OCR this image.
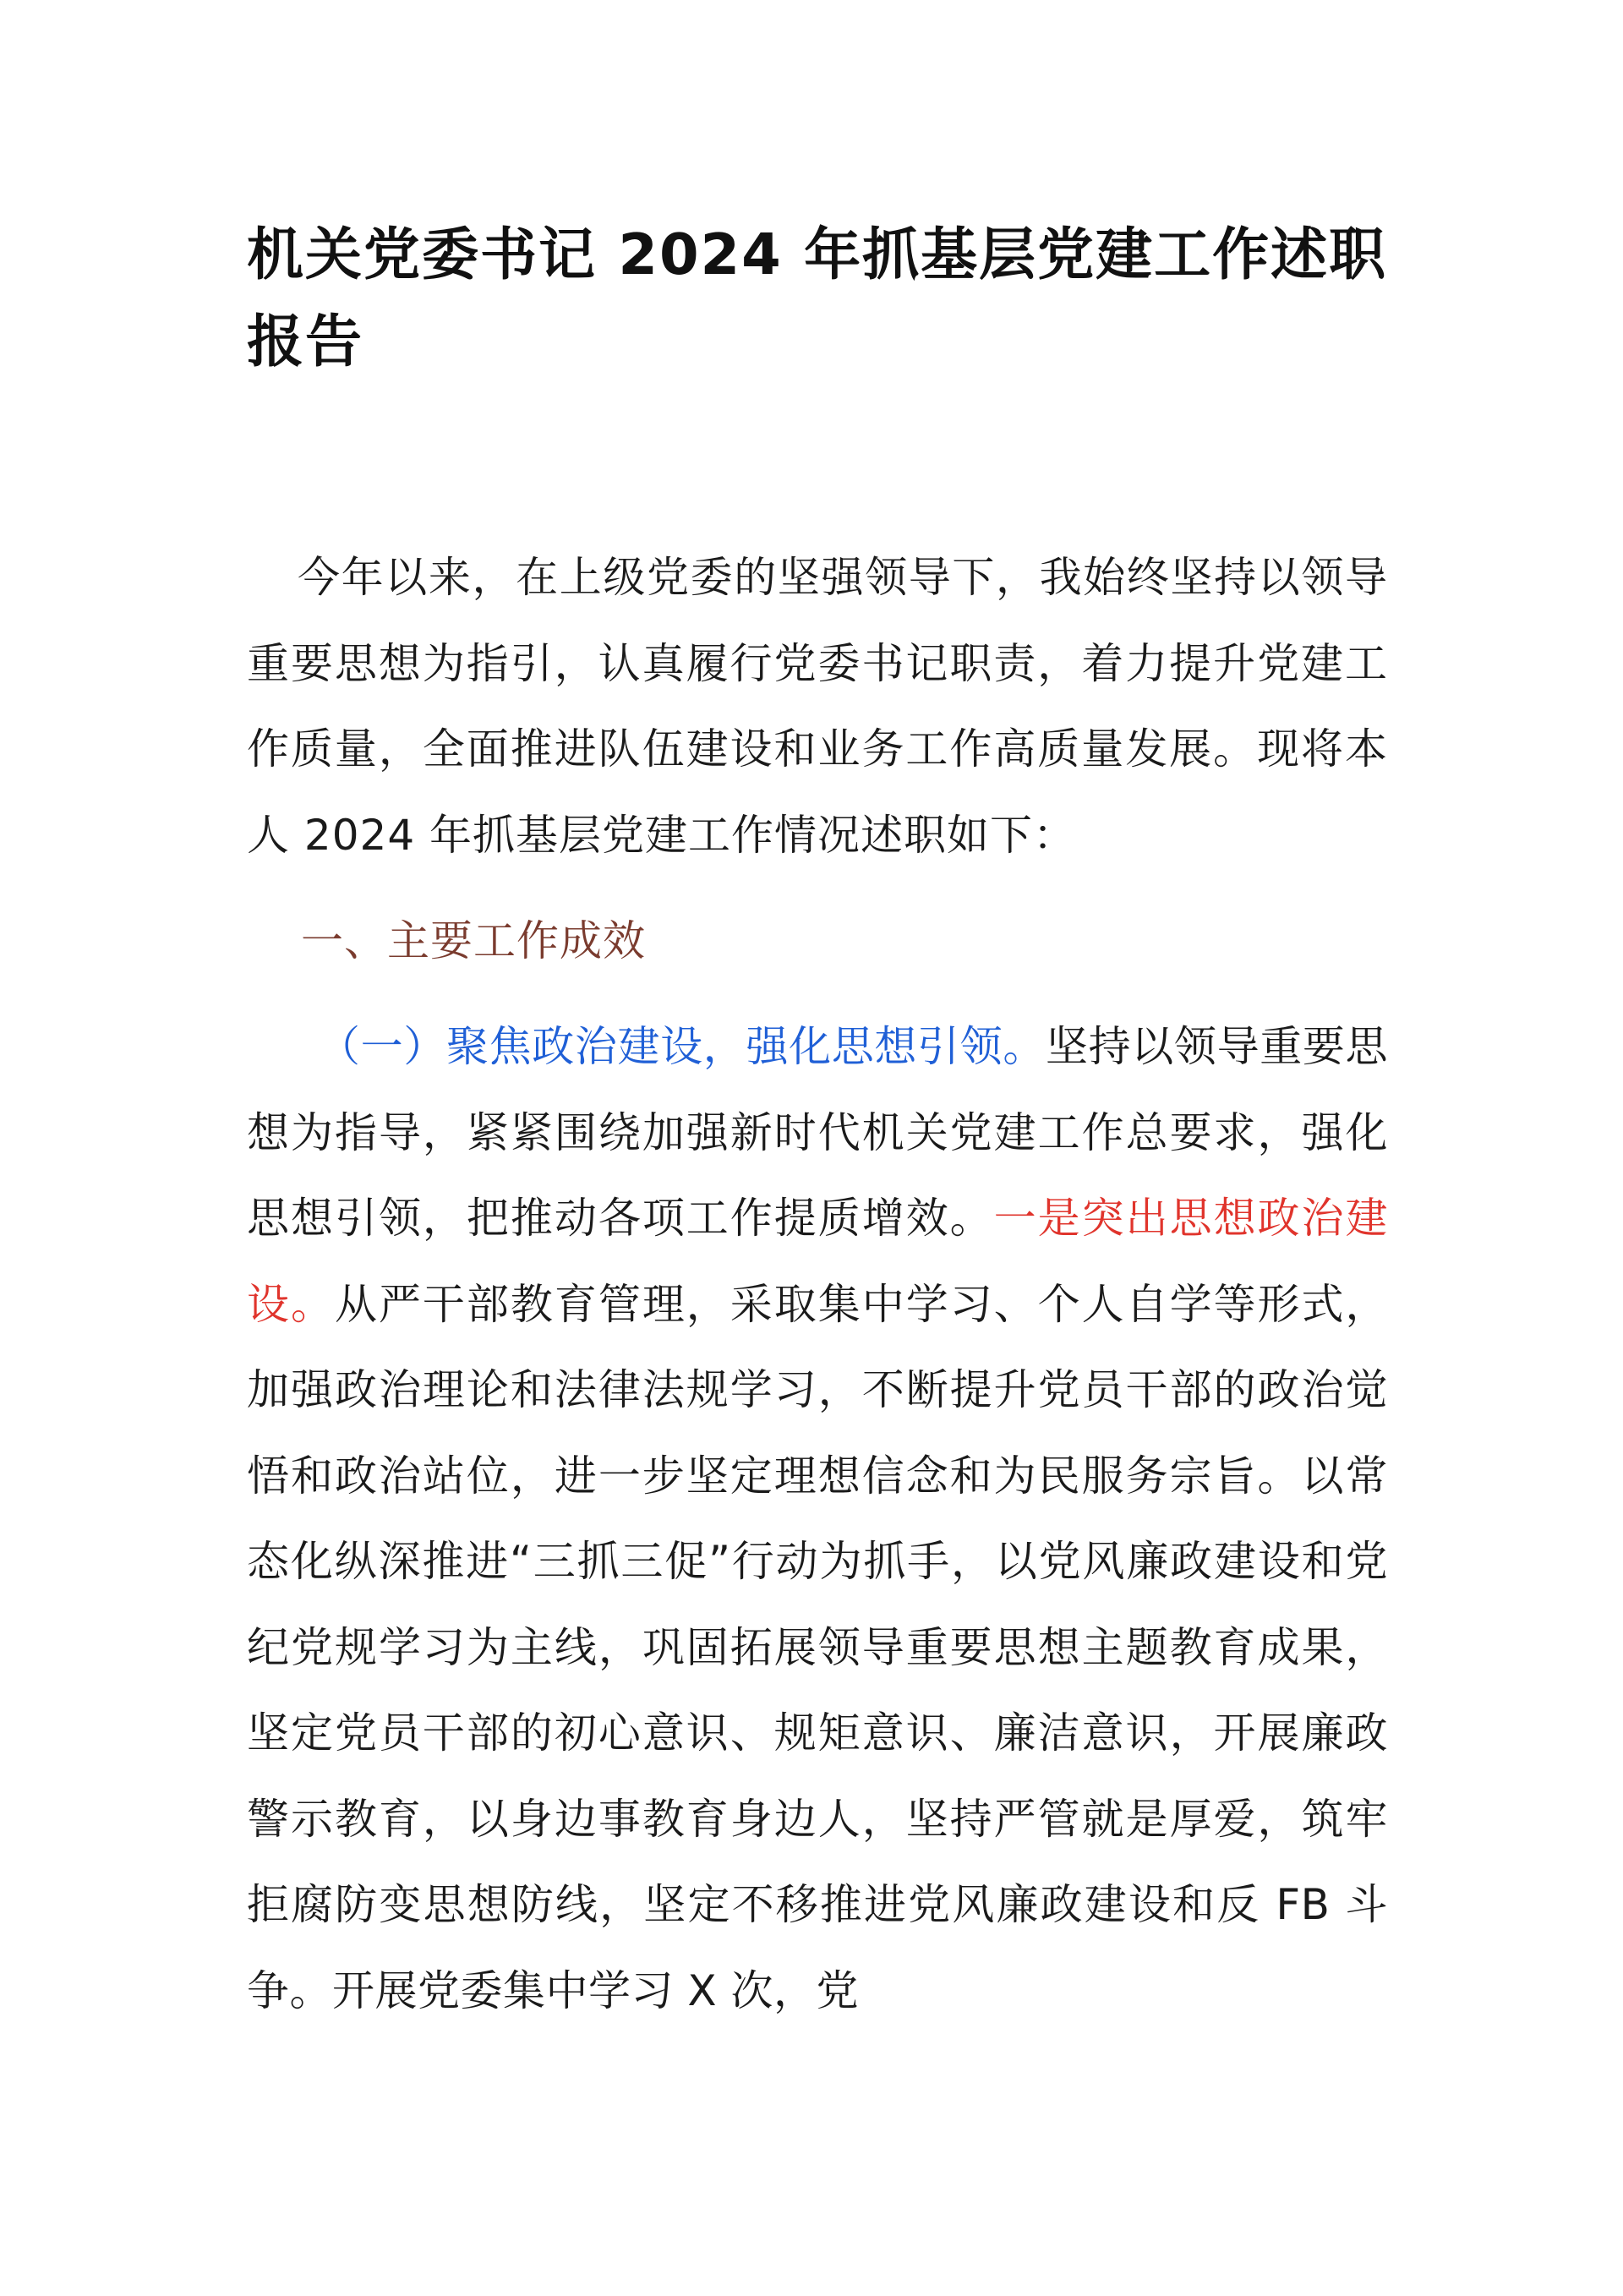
机关党委书记 2024 年抓基层党建工作述职报告

今年以来，在上级党委的坚强领导下，我始终坚持以领导重要思想为指引，认真履行党委书记职责，着力提升党建工作质量，全面推进队伍建设和业务工作高质量发展。现将本人 2024 年抓基层党建工作情况述职如下：

一、主要工作成效

（一）聚焦政治建设，强化思想引领。坚持以领导重要思想为指导，紧紧围绕加强新时代机关党建工作总要求，强化思想引领，把推动各项工作提质增效。一是突出思想政治建设。从严干部教育管理，采取集中学习、个人自学等形式，加强政治理论和法律法规学习，不断提升党员干部的政治觉悟和政治站位，进一步坚定理想信念和为民服务宗旨。以常态化纵深推进“三抓三促”行动为抓手，以党风廉政建设和党纪党规学习为主线，巩固拓展领导重要思想主题教育成果，坚定党员干部的初心意识、规矩意识、廉洁意识，开展廉政警示教育，以身边事教育身边人，坚持严管就是厚爱，筑牢拒腐防变思想防线，坚定不移推进党风廉政建设和反 FB 斗争。开展党委集中学习 X 次，党
